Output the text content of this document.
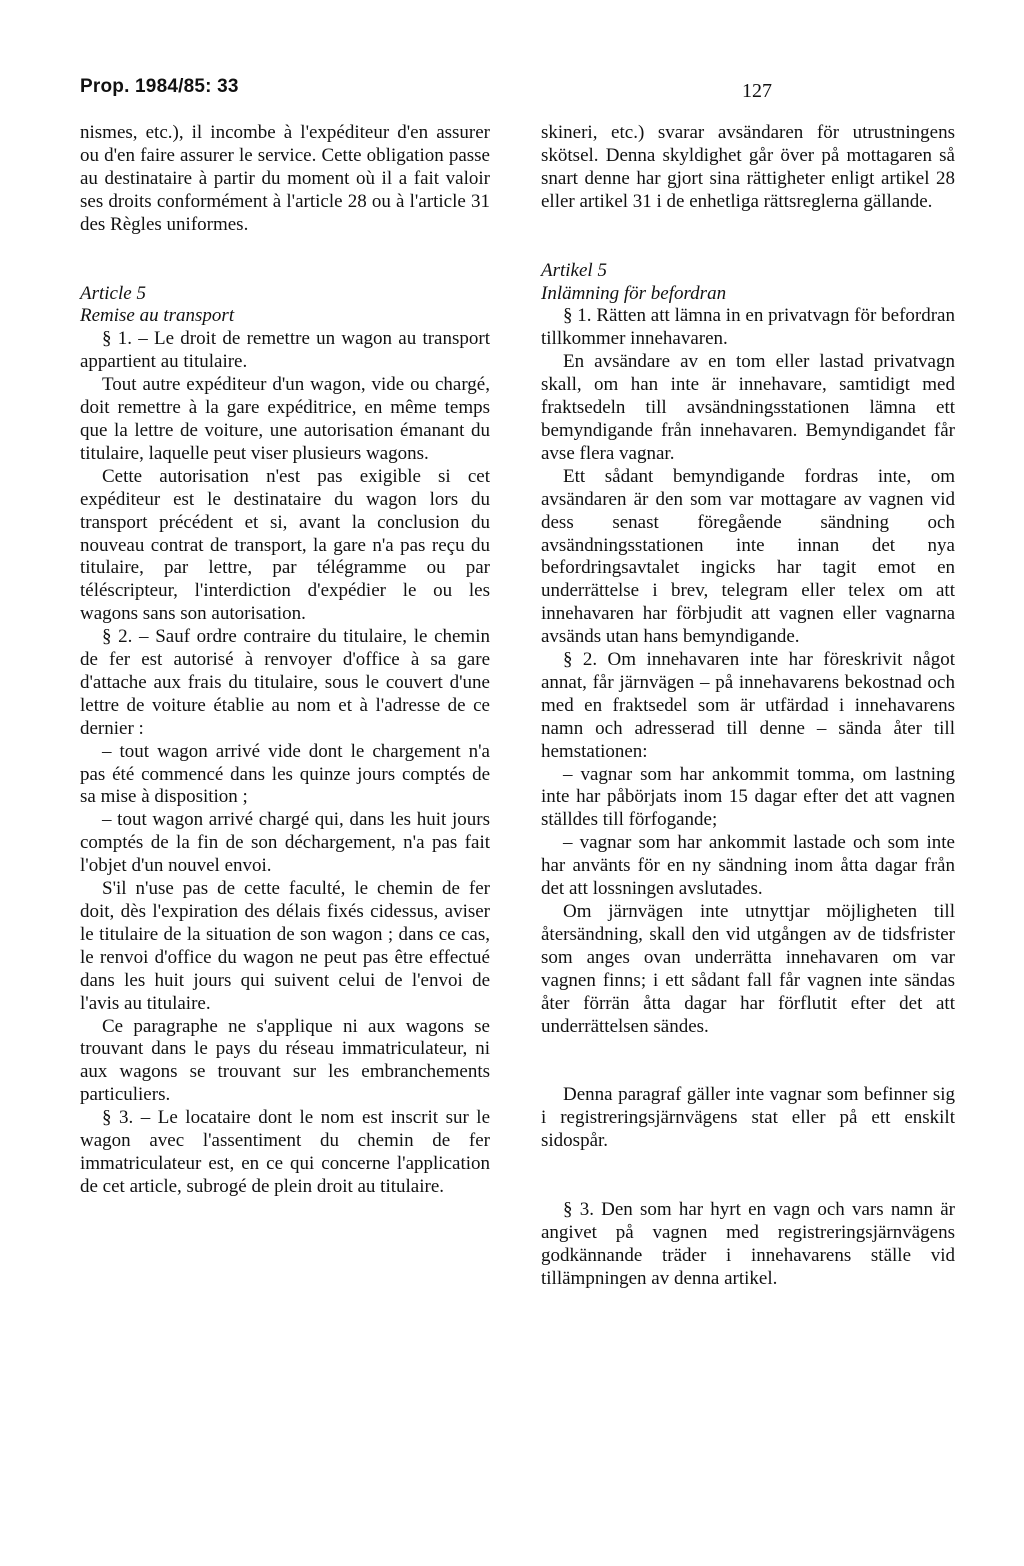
Prop. 1984/85: 33	127

nismes, etc.), il incombe à l'expéditeur d'en assurer ou d'en faire assurer le service. Cette obligation passe au destinataire à partir du moment où il a fait valoir ses droits conformément à l'article 28 ou à l'article 31 des Règles uniformes.

Article 5
Remise au transport

§ 1. – Le droit de remettre un wagon au transport appartient au titulaire.

Tout autre expéditeur d'un wagon, vide ou chargé, doit remettre à la gare expéditrice, en même temps que la lettre de voiture, une autorisation émanant du titulaire, laquelle peut viser plusieurs wagons.

Cette autorisation n'est pas exigible si cet expéditeur est le destinataire du wagon lors du transport précédent et si, avant la conclusion du nouveau contrat de transport, la gare n'a pas reçu du titulaire, par lettre, par télégramme ou par téléscripteur, l'interdiction d'expédier le ou les wagons sans son autorisation.

§ 2. – Sauf ordre contraire du titulaire, le chemin de fer est autorisé à renvoyer d'office à sa gare d'attache aux frais du titulaire, sous le couvert d'une lettre de voiture établie au nom et à l'adresse de ce dernier :

– tout wagon arrivé vide dont le chargement n'a pas été commencé dans les quinze jours comptés de sa mise à disposition ;

– tout wagon arrivé chargé qui, dans les huit jours comptés de la fin de son déchargement, n'a pas fait l'objet d'un nouvel envoi.

S'il n'use pas de cette faculté, le chemin de fer doit, dès l'expiration des délais fixés cidessus, aviser le titulaire de la situation de son wagon ; dans ce cas, le renvoi d'office du wagon ne peut pas être effectué dans les huit jours qui suivent celui de l'envoi de l'avis au titulaire.

Ce paragraphe ne s'applique ni aux wagons se trouvant dans le pays du réseau immatriculateur, ni aux wagons se trouvant sur les embranchements particuliers.

§ 3. – Le locataire dont le nom est inscrit sur le wagon avec l'assentiment du chemin de fer immatriculateur est, en ce qui concerne l'application de cet article, subrogé de plein droit au titulaire.

skineri, etc.) svarar avsändaren för utrustningens skötsel. Denna skyldighet går över på mottagaren så snart denne har gjort sina rättigheter enligt artikel 28 eller artikel 31 i de enhetliga rättsreglerna gällande.

Artikel 5
Inlämning för befordran

§ 1. Rätten att lämna in en privatvagn för befordran tillkommer innehavaren.

En avsändare av en tom eller lastad privatvagn skall, om han inte är innehavare, samtidigt med fraktsedeln till avsändningsstationen lämna ett bemyndigande från innehavaren. Bemyndigandet får avse flera vagnar.

Ett sådant bemyndigande fordras inte, om avsändaren är den som var mottagare av vagnen vid dess senast föregående sändning och avsändningsstationen inte innan det nya befordringsavtalet ingicks har tagit emot en underrättelse i brev, telegram eller telex om att innehavaren har förbjudit att vagnen eller vagnarna avsänds utan hans bemyndigande.

§ 2. Om innehavaren inte har föreskrivit något annat, får järnvägen – på innehavarens bekostnad och med en fraktsedel som är utfärdad i innehavarens namn och adresserad till denne – sända åter till hemstationen:

– vagnar som har ankommit tomma, om lastning inte har påbörjats inom 15 dagar efter det att vagnen ställdes till förfogande;

– vagnar som har ankommit lastade och som inte har använts för en ny sändning inom åtta dagar från det att lossningen avslutades.

Om järnvägen inte utnyttjar möjligheten till återsändning, skall den vid utgången av de tidsfrister som anges ovan underrätta innehavaren om var vagnen finns; i ett sådant fall får vagnen inte sändas åter förrän åtta dagar har förflutit efter det att underrättelsen sändes.

Denna paragraf gäller inte vagnar som befinner sig i registreringsjärnvägens stat eller på ett enskilt sidospår.

§ 3. Den som har hyrt en vagn och vars namn är angivet på vagnen med registreringsjärnvägens godkännande träder i innehavarens ställe vid tillämpningen av denna artikel.
